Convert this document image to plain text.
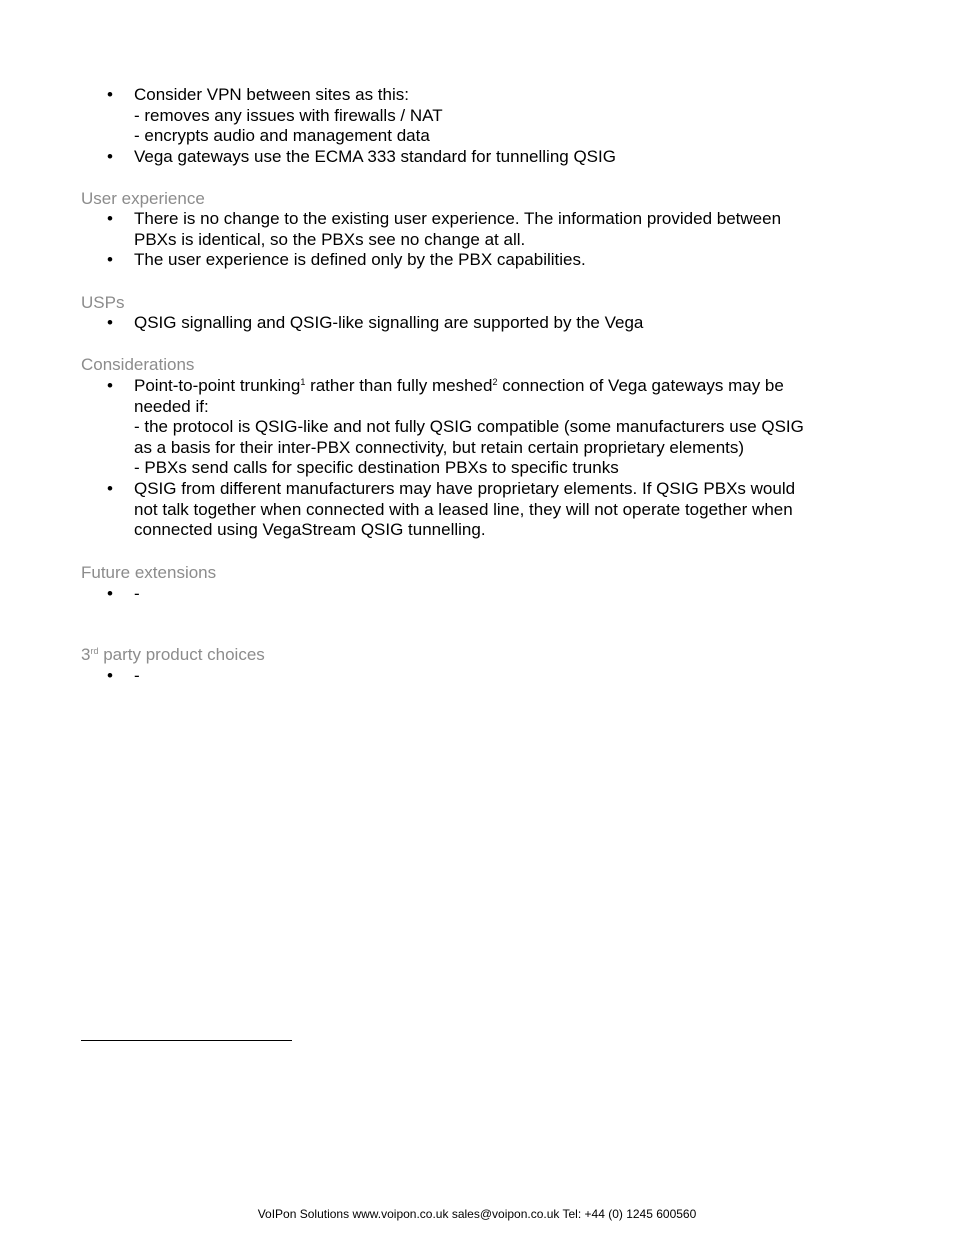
• Consider VPN between sites as this:
- removes any issues with firewalls / NAT
- encrypts audio and management data
• Vega gateways use the ECMA 333 standard for tunnelling QSIG
User experience
• There is no change to the existing user experience. The information provided between
PBXs is identical, so the PBXs see no change at all.
• The user experience is defined only by the PBX capabilities.
USPs
• QSIG signalling and QSIG-like signalling are supported by the Vega
Considerations
• Point-to-point trunking$^1$ rather than fully meshed$^2$ connection of Vega gateways may be
needed if:
- the protocol is QSIG-like and not fully QSIG compatible (some manufacturers use QSIG
as a basis for their inter-PBX connectivity, but retain certain proprietary elements)
- PBXs send calls for specific destination PBXs to specific trunks
• QSIG from different manufacturers may have proprietary elements. If QSIG PBXs would
not talk together when connected with a leased line, they will not operate together when
connected using VegaStream QSIG tunnelling.
Future extensions
• -
3rd party product choices
• -
VoIPon Solutions www.voipon.co.uk sales@voipon.co.uk Tel: +44 (0) 1245 600560
